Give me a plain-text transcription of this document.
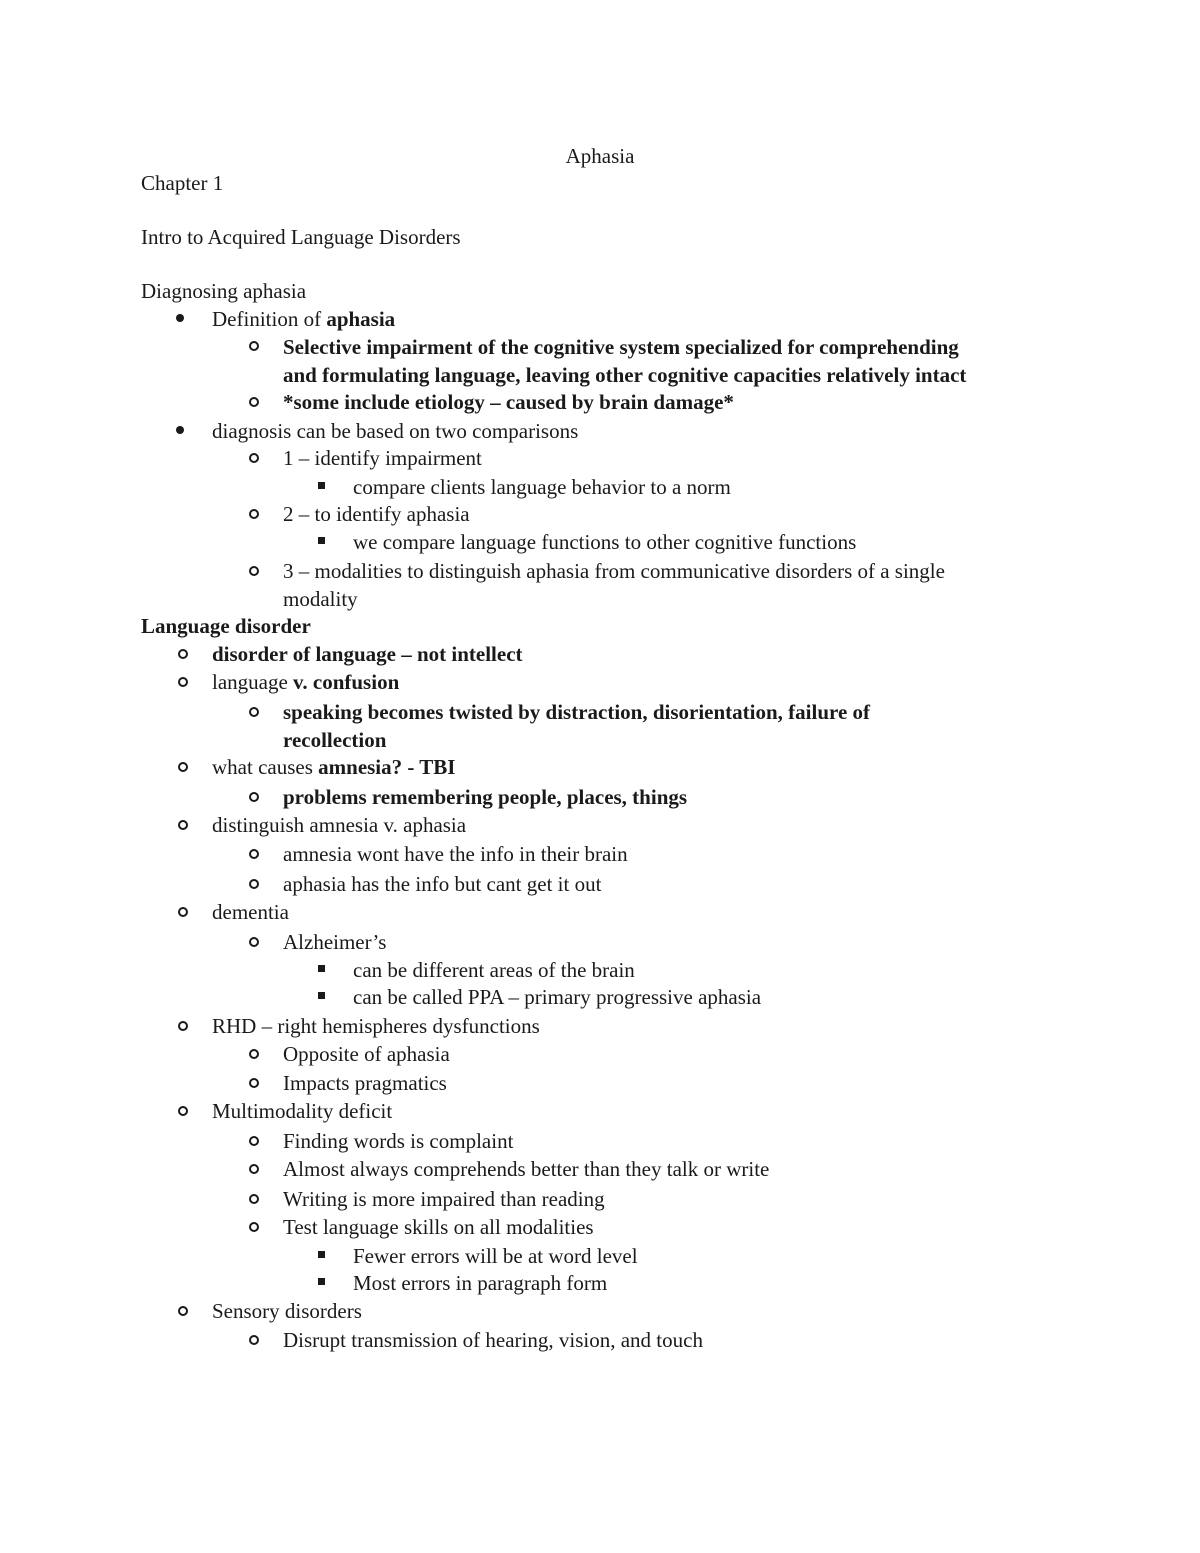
Aphasia
Chapter 1
Intro to Acquired Language Disorders
Diagnosing aphasia
Definition of aphasia
Selective impairment of the cognitive system specialized for comprehending
and formulating language, leaving other cognitive capacities relatively intact
*some include etiology – caused by brain damage*
diagnosis can be based on two comparisons
1 – identify impairment
compare clients language behavior to a norm
2 – to identify aphasia
we compare language functions to other cognitive functions
3 – modalities to distinguish aphasia from communicative disorders of a single
modality
Language disorder
disorder of language – not intellect
language v. confusion
speaking becomes twisted by distraction, disorientation, failure of
recollection
what causes amnesia? - TBI
problems remembering people, places, things
distinguish amnesia v. aphasia
amnesia wont have the info in their brain
aphasia has the info but cant get it out
dementia
Alzheimer’s
can be different areas of the brain
can be called PPA – primary progressive aphasia
RHD – right hemispheres dysfunctions
Opposite of aphasia
Impacts pragmatics
Multimodality deficit
Finding words is complaint
Almost always comprehends better than they talk or write
Writing is more impaired than reading
Test language skills on all modalities
Fewer errors will be at word level
Most errors in paragraph form
Sensory disorders
Disrupt transmission of hearing, vision, and touch
